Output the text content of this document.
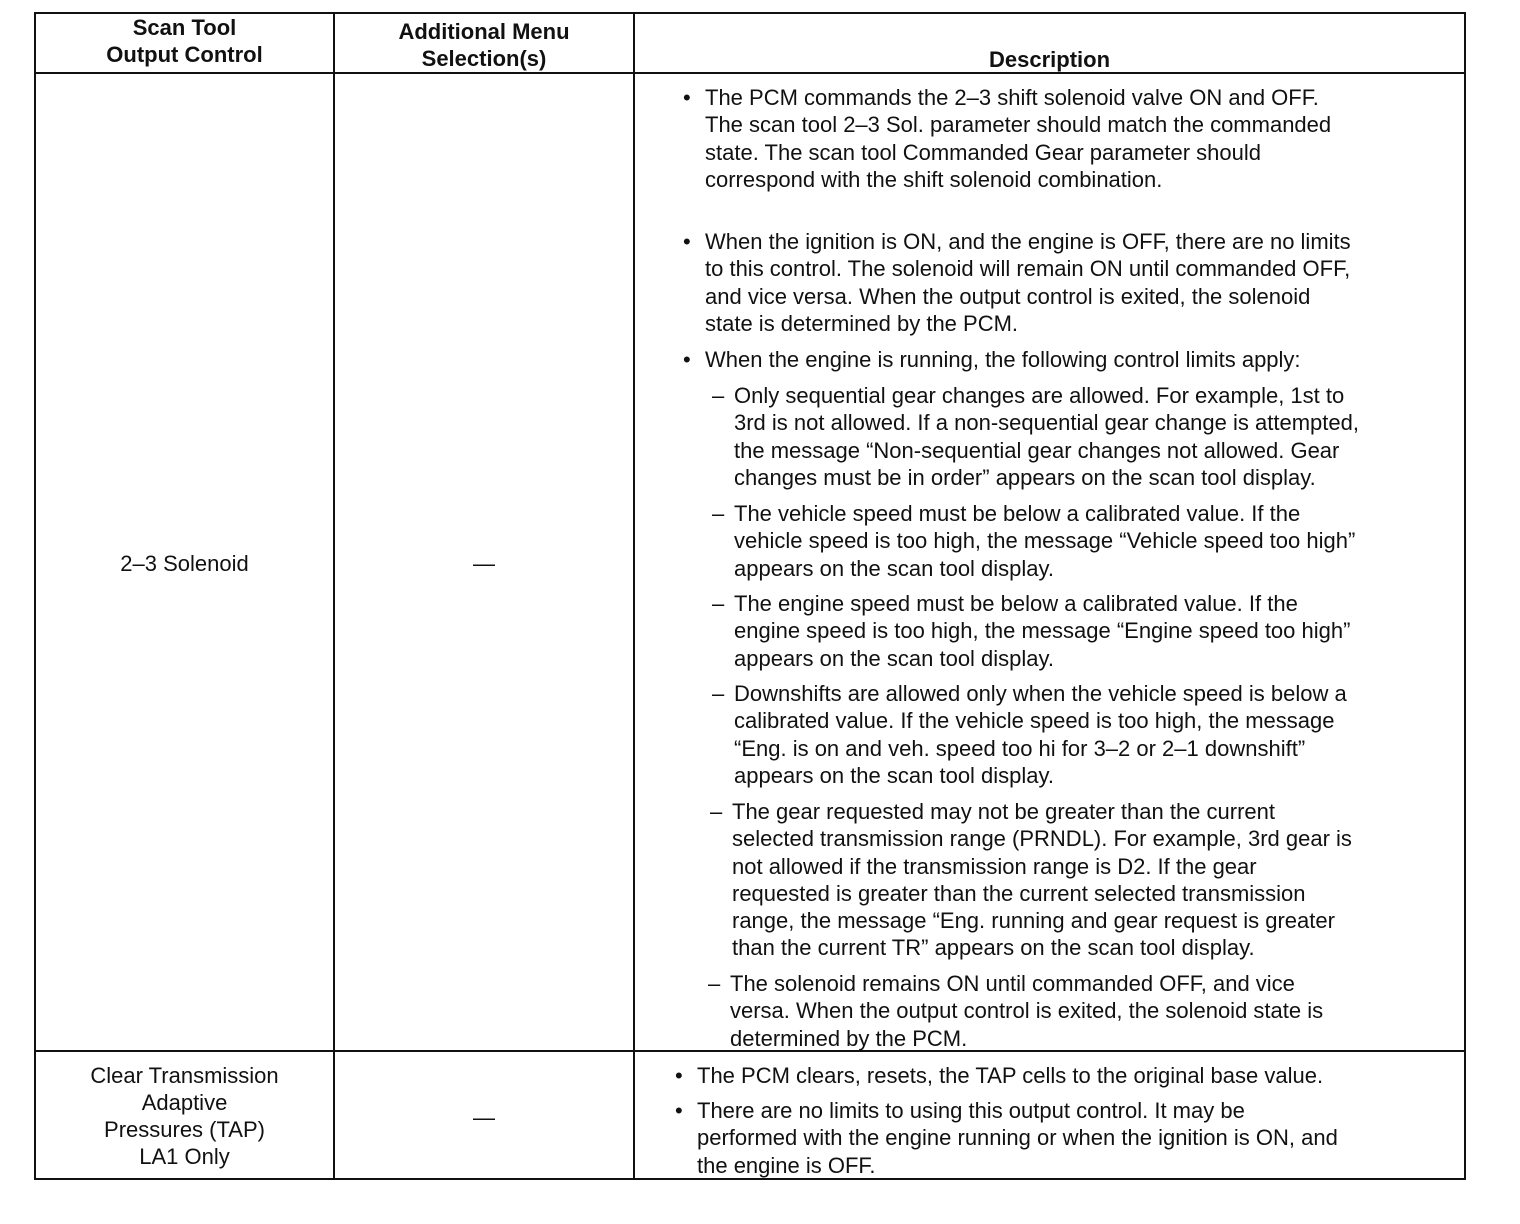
Scan Tool
Output Control
Additional Menu
Selection(s)	Description
2–3 Solenoid	—
Clear Transmission
Adaptive
Pressures (TAP)
LA1 Only
—
• The PCM commands the 2–3 shift solenoid valve ON and OFF.
The scan tool 2–3 Sol. parameter should match the commanded
state. The scan tool Commanded Gear parameter should
correspond with the shift solenoid combination.
• When the ignition is ON, and the engine is OFF, there are no limits
to this control. The solenoid will remain ON until commanded OFF,
and vice versa. When the output control is exited, the solenoid
state is determined by the PCM.
• When the engine is running, the following control limits apply:
– Only sequential gear changes are allowed. For example, 1st to
3rd is not allowed. If a non-sequential gear change is attempted,
the message “Non-sequential gear changes not allowed. Gear
changes must be in order” appears on the scan tool display.
– The vehicle speed must be below a calibrated value. If the
vehicle speed is too high, the message “Vehicle speed too high”
appears on the scan tool display.
– The engine speed must be below a calibrated value. If the
engine speed is too high, the message “Engine speed too high”
appears on the scan tool display.
– Downshifts are allowed only when the vehicle speed is below a
calibrated value. If the vehicle speed is too high, the message
“Eng. is on and veh. speed too hi for 3–2 or 2–1 downshift”
appears on the scan tool display.
– The gear requested may not be greater than the current
selected transmission range (PRNDL). For example, 3rd gear is
not allowed if the transmission range is D2. If the gear
requested is greater than the current selected transmission
range, the message “Eng. running and gear request is greater
than the current TR” appears on the scan tool display.
– The solenoid remains ON until commanded OFF, and vice
versa. When the output control is exited, the solenoid state is
determined by the PCM.
• The PCM clears, resets, the TAP cells to the original base value.
• There are no limits to using this output control. It may be
performed with the engine running or when the ignition is ON, and
the engine is OFF.
